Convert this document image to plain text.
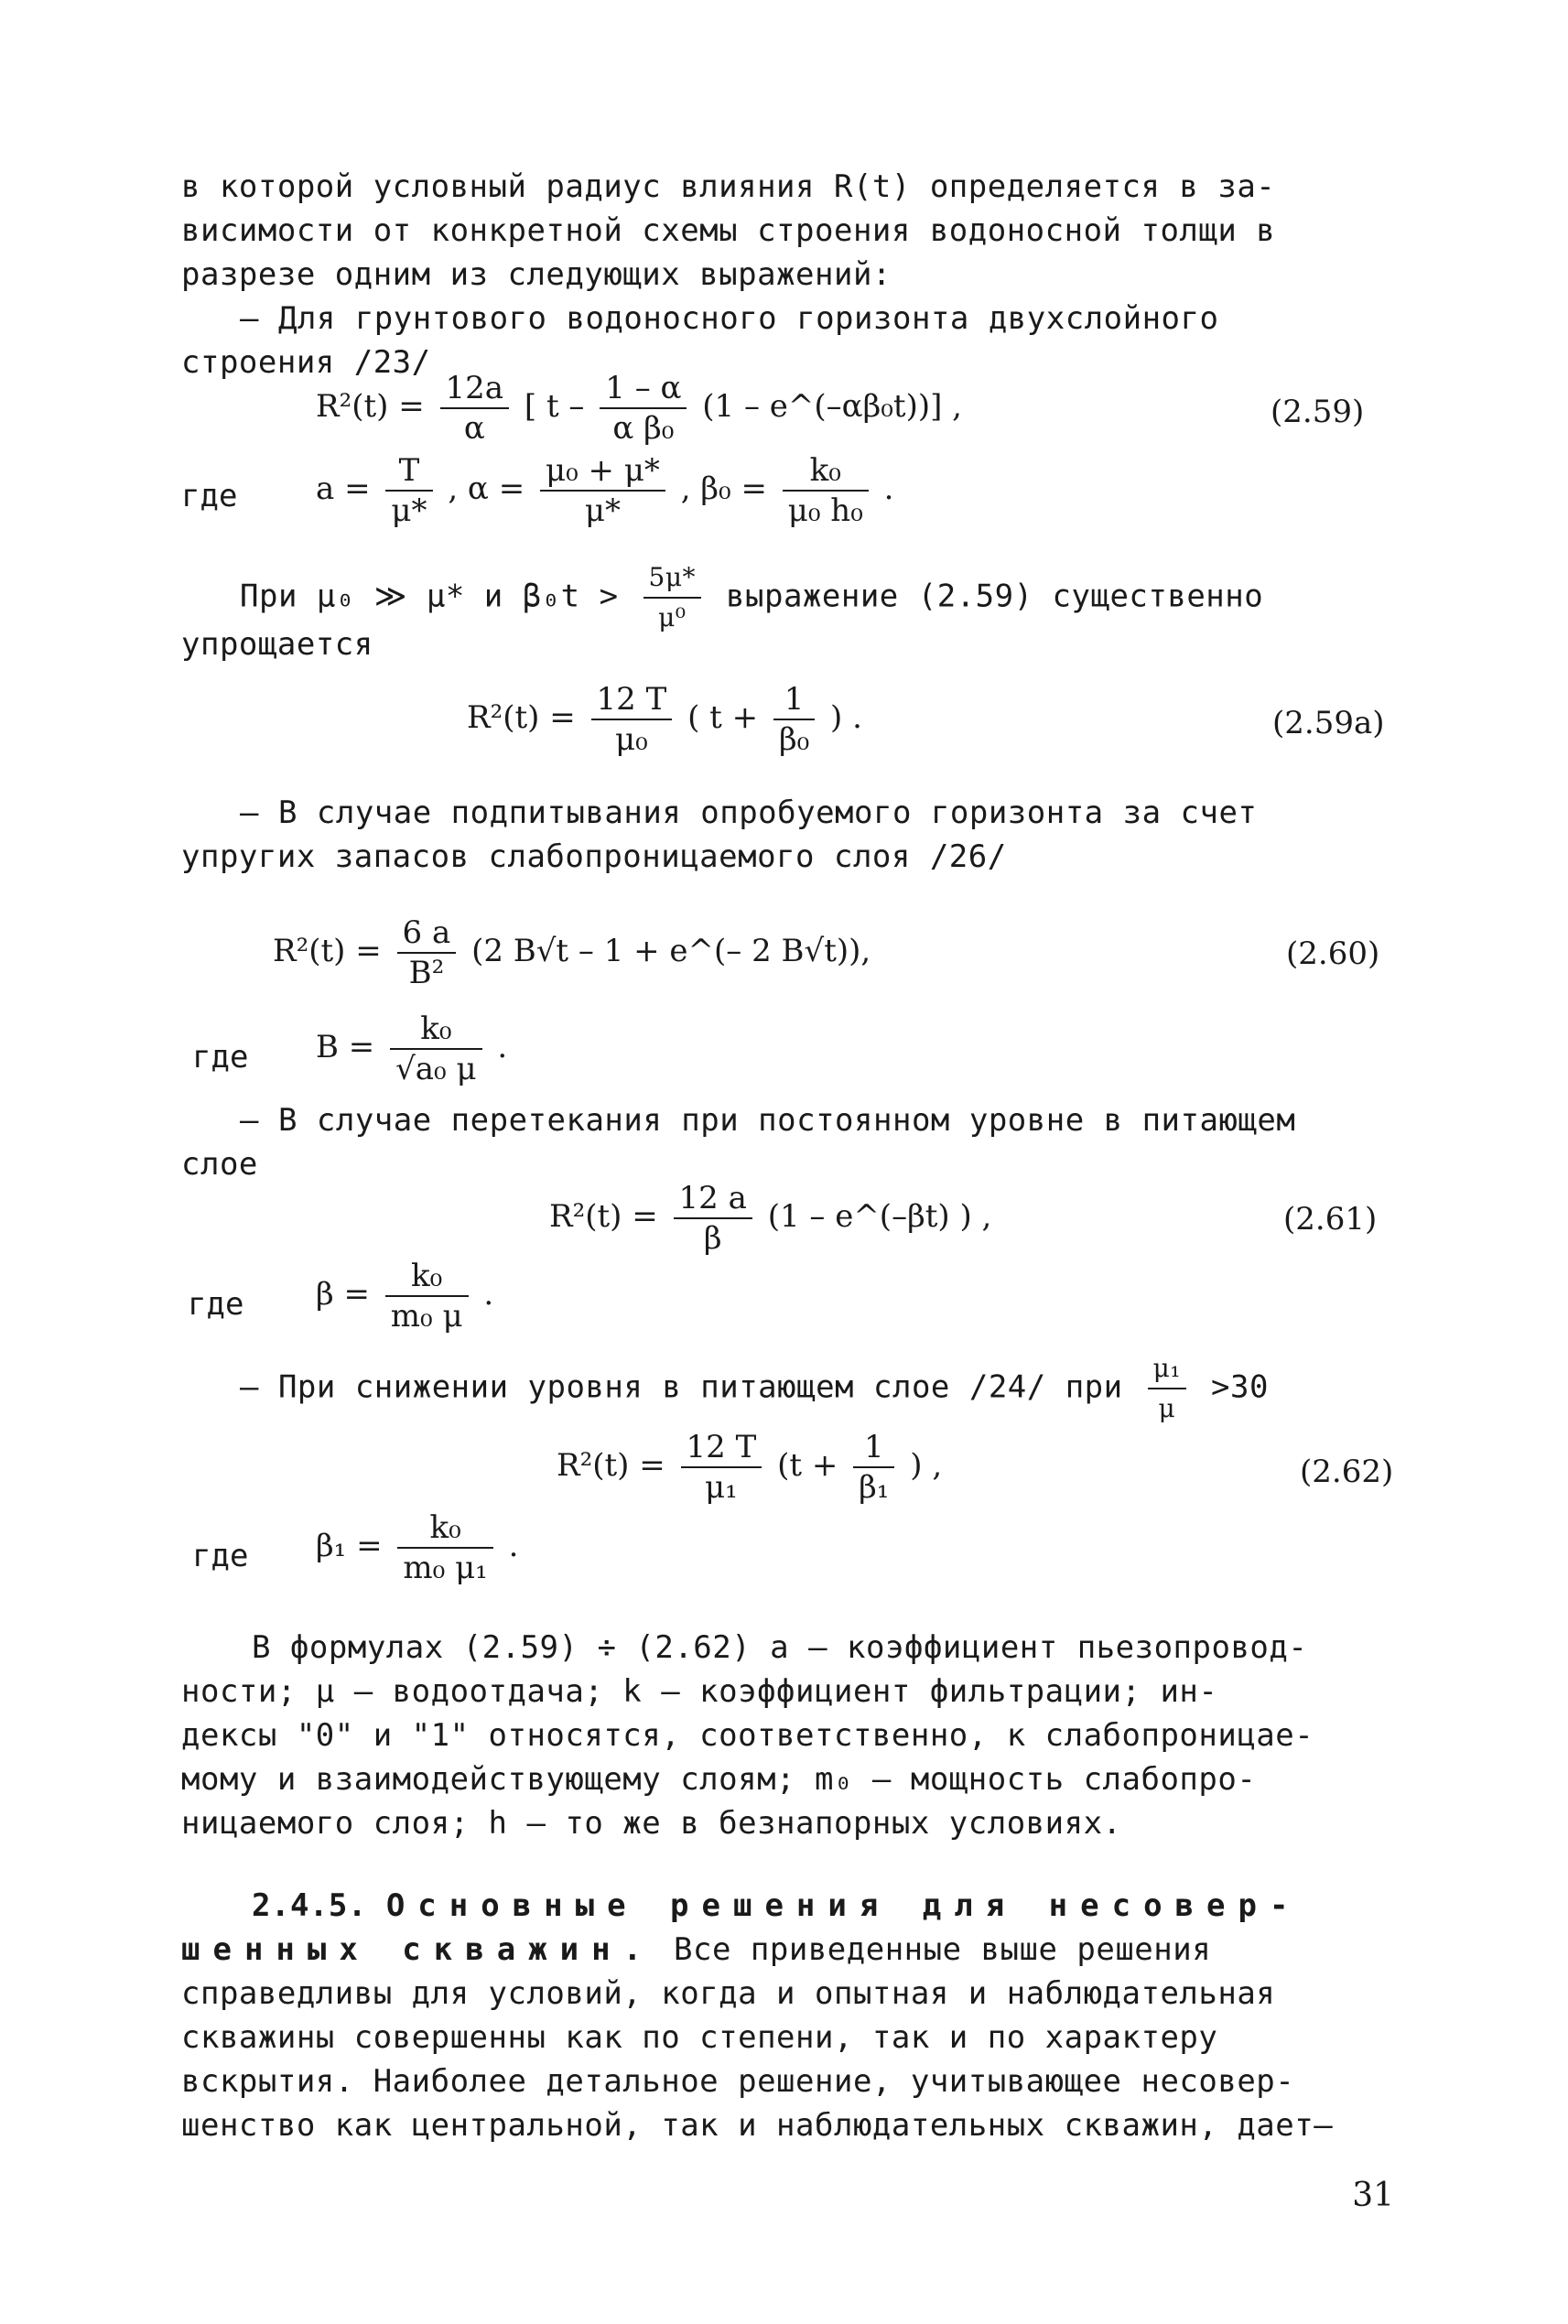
в которой условный радиус влияния R(t) определяется в за-
висимости от конкретной схемы строения водоносной толщи в
разрезе одним из следующих выражений:
– Для грунтового водоносного горизонта двухслойного
строения /23/
$R^2(t) = \frac{12a}{\alpha}$ [ t – $\frac{1 - \alpha}{\text{α β₀}} (1$ – e^(–αβ₀t))] ,	(2.59)
где	$a = \frac{T}{\mu*}$ , $\alpha = \frac{\text{μ₀ + μ*}}{\mu*}$ , $\beta_0 = \frac{\text{k₀}}{\text{μ₀ h₀}}$ .
При μ₀ ≫ μ* и $\beta_0t > \frac{5\mu*}{\text{μ⁰}}$ выражение (2.59) существенно
упрощается
$R^2(t) = \frac{12 T}{\text{μ₀}}$ ( $t + \frac{1}{\text{β₀}}$ ) .	(2.59a)
– В случае подпитывания опробуемого горизонта за счет
упругих запасов слабопроницаемого слоя /26/
$R^2(t) = \frac{6 a}{\text{B²}} (2$ B√t – 1 + e^(– 2 B√t)),	(2.60)
где $B = \frac{\text{k₀}}{\text{√a₀ μ}}$ .
– В случае перетекания при постоянном уровне в питающем
слое
$R^2(t) = \frac{12 a}{\beta} (1$ – e^(–βt) ) ,	(2.61)
где $\beta = \frac{\text{k₀}}{\text{m₀ μ}}$ .
– При снижении уровня в питающем слое /24/ при $\frac{\text{μ₁}}{\mu} >30$
$R^2(t) = \frac{12 T}{\text{μ₁}} (t + \frac{1}{\text{β₁}}$ ) ,	(2.62)
где $\beta_1 = \frac{\text{k₀}}{\text{m₀ μ₁}}$ .
В формулах (2.59) ÷ (2.62) a – коэффициент пьезопровод-
ности; μ – водоотдача; k – коэффициент фильтрации; ин-
дексы "0" и "1" относятся, соответственно, к слабопроницае-
мому и взаимодействующему слоям; m₀ – мощность слабопро-
ницаемого слоя; h – то же в безнапорных условиях.
2.4.5. Основные решения для несовер-
шенных скважин. Все приведенные выше решения
справедливы для условий, когда и опытная и наблюдательная
скважины совершенны как по степени, так и по характеру
вскрытия. Наиболее детальное решение, учитывающее несовер-
шенство как центральной, так и наблюдательных скважин, дает–
31
